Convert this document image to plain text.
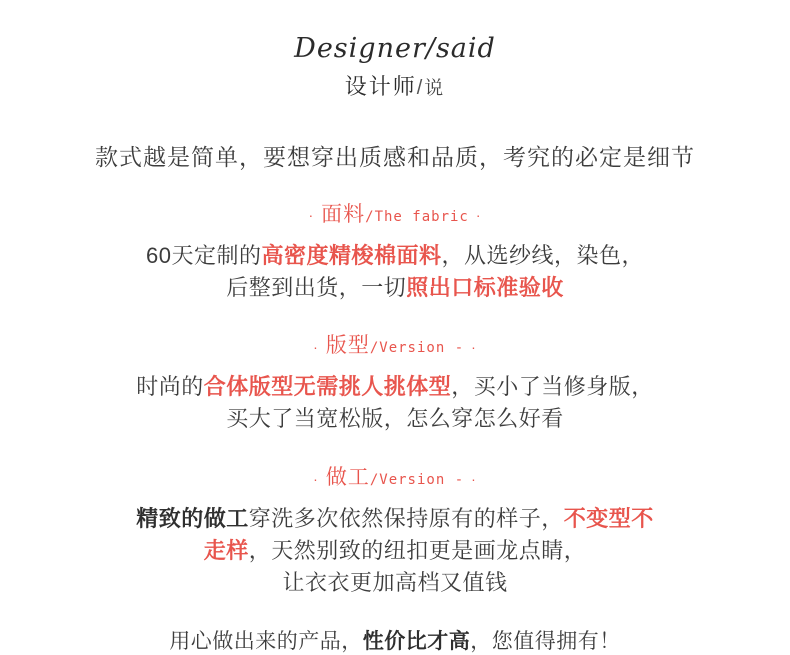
Designer/said
设计师/说
款式越是简单，要想穿出质感和品质，考究的必定是细节
· 面料/The fabric ·
60天定制的高密度精梭棉面料，从选纱线，染色，
后整到出货，一切照出口标准验收
· 版型/Version - ·
时尚的合体版型无需挑人挑体型，买小了当修身版，
买大了当宽松版，怎么穿怎么好看
· 做工/Version - ·
精致的做工穿洗多次依然保持原有的样子，不变型不
走样，天然别致的纽扣更是画龙点睛，
让衣衣更加高档又值钱
用心做出来的产品，性价比才高，您值得拥有！
